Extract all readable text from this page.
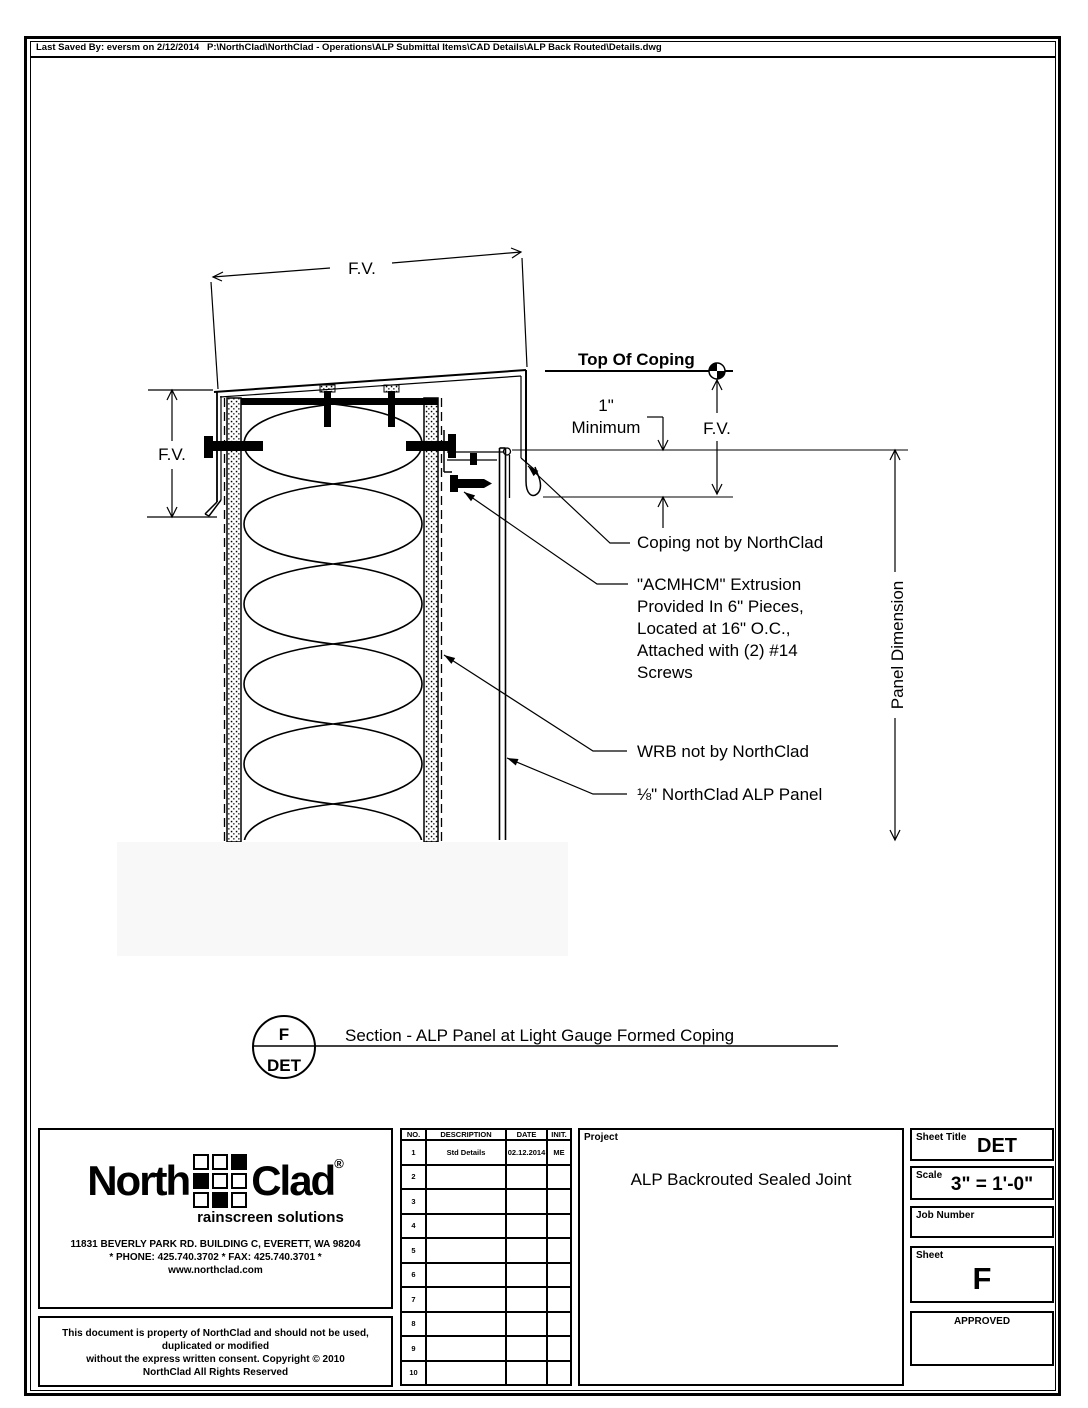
Last Saved By: eversm on 2/12/2014 P:\NorthClad\NorthClad - Operations\ALP Submittal Items\CAD Details\ALP Back Routed\Details.dwg
F.V.
F.V.
F.V.
1"
Minimum
Panel Dimension
Top Of Coping
Coping not by NorthClad
"ACMHCM" Extrusion
Provided In 6" Pieces,
Located at 16" O.C.,
Attached with (2) #14
Screws
WRB not by NorthClad
⅛" NorthClad ALP Panel
F
DET
Section - ALP Panel at Light Gauge Formed Coping
North Clad ®
rainscreen solutions
11831 BEVERLY PARK RD. BUILDING C, EVERETT, WA 98204
* PHONE: 425.740.3702 * FAX: 425.740.3701 *
www.northclad.com
This document is property of NorthClad and should not be used, duplicated or modified
without the express written consent. Copyright © 2010
NorthClad All Rights Reserved
NO.	DESCRIPTION	DATE	INIT.
1	Std Details	02.12.2014	ME
2			
3			
4			
5			
6			
7			
8			
9			
10			
Project
ALP Backrouted Sealed Joint
Sheet Title DET
Scale 3" = 1'-0"
Job Number
Sheet
F
APPROVED
